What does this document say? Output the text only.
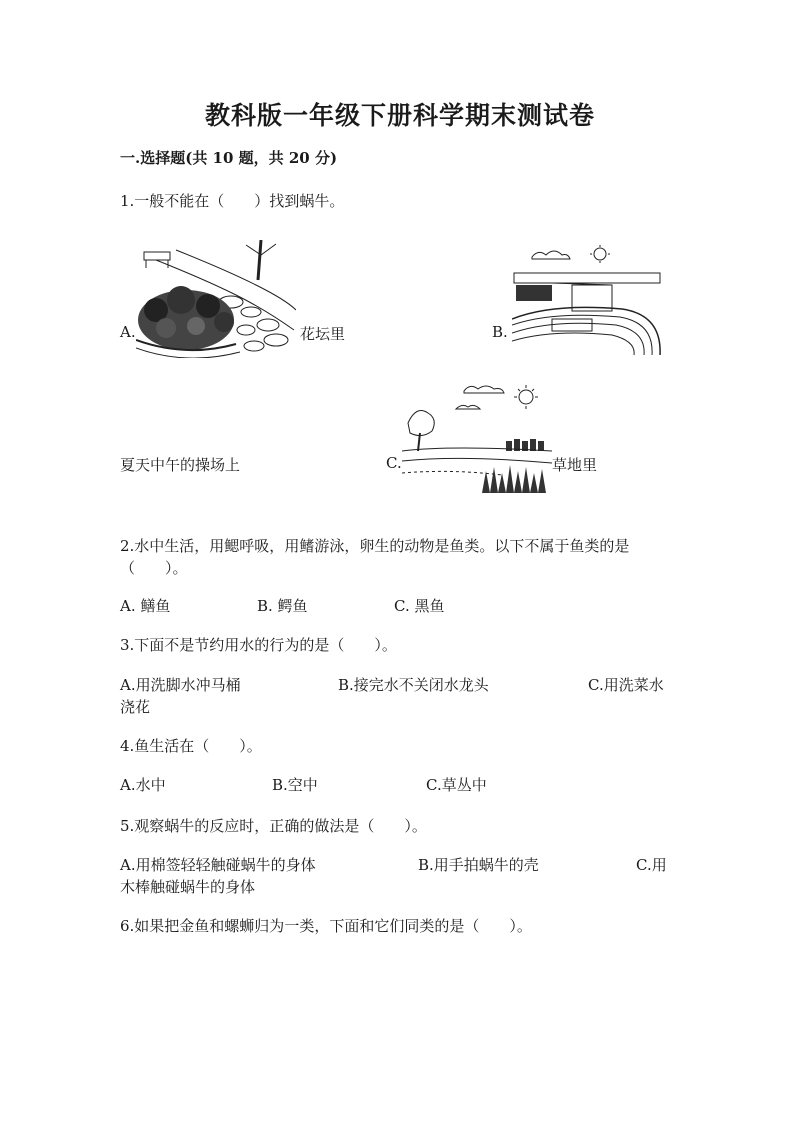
教科版一年级下册科学期末测试卷
一.选择题(共 10 题，共 20 分)
1.一般不能在（　　）找到蜗牛。
A.	花坛里	B.
夏天中午的操场上	C.	草地里
2.水中生活，用鳃呼吸，用鳍游泳，卵生的动物是鱼类。以下不属于鱼类的是
（　　）。
A. 鳝鱼	B. 鳄鱼	C. 黑鱼
3.下面不是节约用水的行为的是（　　）。
A.用洗脚水冲马桶	B.接完水不关闭水龙头	C.用洗菜水
浇花
4.鱼生活在（　　）。
A.水中	B.空中	C.草丛中
5.观察蜗牛的反应时，正确的做法是（　　）。
A.用棉签轻轻触碰蜗牛的身体	B.用手拍蜗牛的壳	C.用
木棒触碰蜗牛的身体
6.如果把金鱼和螺蛳归为一类，下面和它们同类的是（　　）。
